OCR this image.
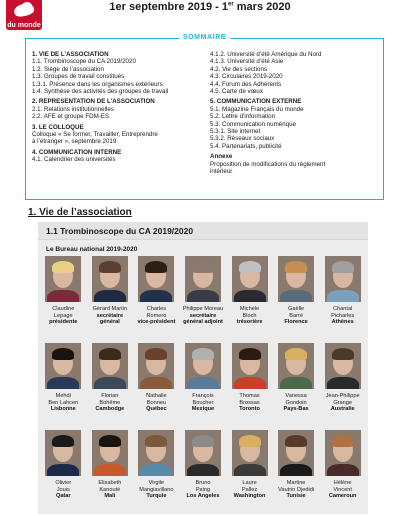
du monde
1er septembre 2019 - 1er mars 2020
SOMMAIRE
1. VIE DE L’ASSOCIATION
1.1. Trombinoscope du CA 2019/2020
1.2. Siège de l’association
1.3. Groupes de travail constitués
1.3.1. Présence dans les organismes extérieurs
1.4. Synthèse des activités des groupes de travail
2. REPRESENTATION DE L’ASSOCIATION
2.1. Relations institutionnelles
2.2. AFE et groupe FDM-ES
3. LE COLLOQUE
Colloque « Se former, Travailler, Entreprendre
à l’étranger », septembre 2019
4. COMMUNICATION INTERNE
4.1. Calendrier des universités
4.1.2. Université d’été Amérique du Nord
4.1.3. Université d’été Asie
4.2. Vie des sections
4.3. Circulaires 2019-2020
4.4. Forum des Adhérents
4.5. Carte de vœux
5. COMMUNICATION EXTERNE
5.1. Magazine Français du monde
5.2. Lettre d’information
5.3. Communication numérique
5.3.1. Site internet
5.3.2. Réseaux sociaux
5.4. Partenariats, publicité
Annexe
Proposition de modifications du règlement
intérieur
1. Vie de l’association
1.1 Trombinoscope du CA 2019/2020
Le Bureau national 2019-2020
Claudine
Lepage
présidente
Gérard Martin
secrétaire
général
Charles
Romero
vice-président
Philippe Moreau
secrétaire
général adjoint
Michèle
Bloch
trésorière
Gaëlle
Barré
Florence
Chantal
Picharles
Athènes
Mehdi
Ben Lahcen
Lisbonne
Florian
Bohême
Cambodge
Nathalie
Bonneu
Québec
François
Boucher
Mexique
Thomas
Brossas
Toronto
Vanessa
Gondoin
Pays-Bas
Jean-Philippe
Grange
Australie
Olivier
Jouis
Qatar
Elisabeth
Kanouté
Mali
Virgile
Mangiavillano
Turquie
Bruno
Paing
Los Angeles
Laure
Pallez
Washington
Martine
Vautrin Djedidi
Tunisie
Hélène
Vincent
Cameroun
